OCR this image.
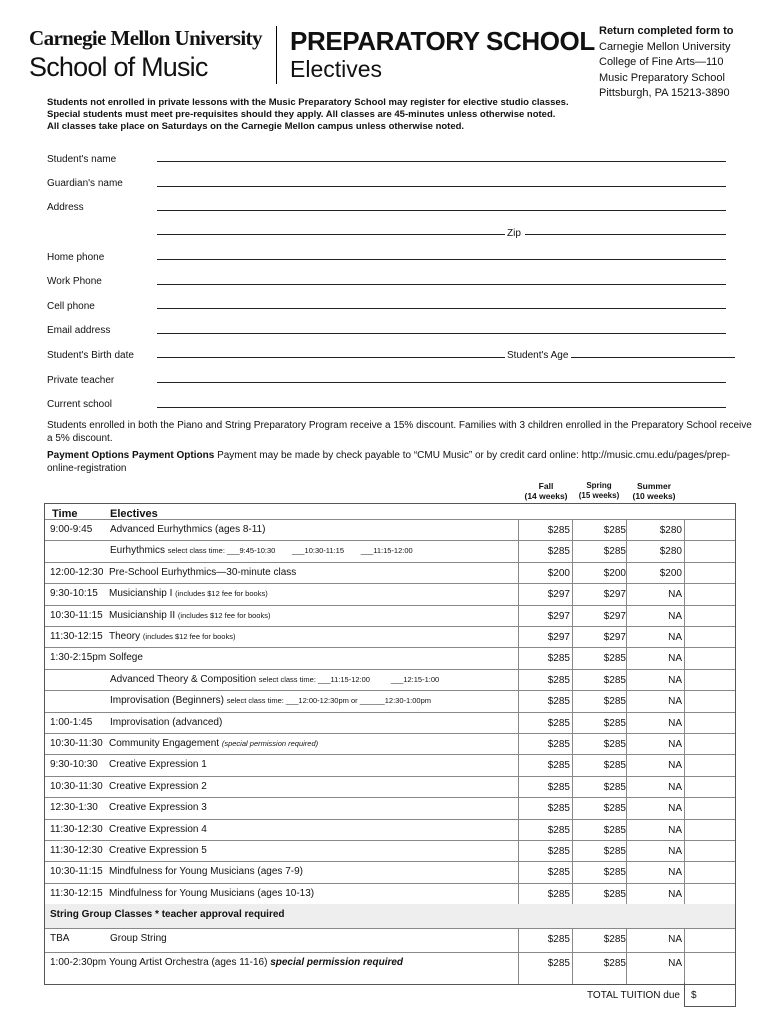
Carnegie Mellon University
School of Music
PREPARATORY SCHOOL
Electives
Return completed form to
Carnegie Mellon University
College of Fine Arts—110
Music Preparatory School
Pittsburgh, PA 15213-3890
Students not enrolled in private lessons with the Music Preparatory School may register for elective studio classes.
Special students must meet pre-requisites should they apply. All classes are 45-minutes unless otherwise noted.
All classes take place on Saturdays on the Carnegie Mellon campus unless otherwise noted.
Student's name
Guardian's name
Address
Zip
Home phone
Work Phone
Cell phone
Email address
Student's Birth date	Student's Age
Private teacher
Current school
Students enrolled in both the Piano and String Preparatory Program receive a 15% discount. Families with 3 children enrolled in the Preparatory School receive a 5% discount.
Payment Options Payment Options Payment may be made by check payable to “CMU Music” or by credit card online: http://music.cmu.edu/pages/prep-online-registration
Fall
(14 weeks)
Spring
(15 weeks)
Summer
(10 weeks)
Time	Electives
9:00-9:45 Advanced Eurhythmics (ages 8-11)	$285	$285	$280
Eurhythmics select class time: ___9:45-10:30        ___10:30-11:15        ___11:15-12:00	$285	$285	$280
12:00-12:30 Pre-School Eurhythmics—30-minute class	$200	$200	$200
9:30-10:15 Musicianship I (includes $12 fee for books)	$297	$297	NA
10:30-11:15 Musicianship II (includes $12 fee for books)	$297	$297	NA
11:30-12:15 Theory (includes $12 fee for books)	$297	$297	NA
1:30-2:15pm Solfege	$285	$285	NA
Advanced Theory & Composition select class time: ___11:15-12:00          ___12:15-1:00	$285	$285	NA
Improvisation (Beginners) select class time: ___12:00-12:30pm or ______12:30-1:00pm	$285	$285	NA
1:00-1:45 Improvisation (advanced)	$285	$285	NA
10:30-11:30 Community Engagement (special permission required)	$285	$285	NA
9:30-10:30 Creative Expression 1	$285	$285	NA
10:30-11:30 Creative Expression 2	$285	$285	NA
12:30-1:30 Creative Expression 3	$285	$285	NA
11:30-12:30 Creative Expression 4	$285	$285	NA
11:30-12:30 Creative Expression 5	$285	$285	NA
10:30-11:15 Mindfulness for Young Musicians (ages 7-9)	$285	$285	NA
11:30-12:15 Mindfulness for Young Musicians (ages 10-13)	$285	$285	NA
String Group Classes * teacher approval required
TBA	Group String	$285	$285	NA
1:00-2:30pm Young Artist Orchestra (ages 11-16) special permission required	$285	$285	NA
TOTAL TUITION due $
